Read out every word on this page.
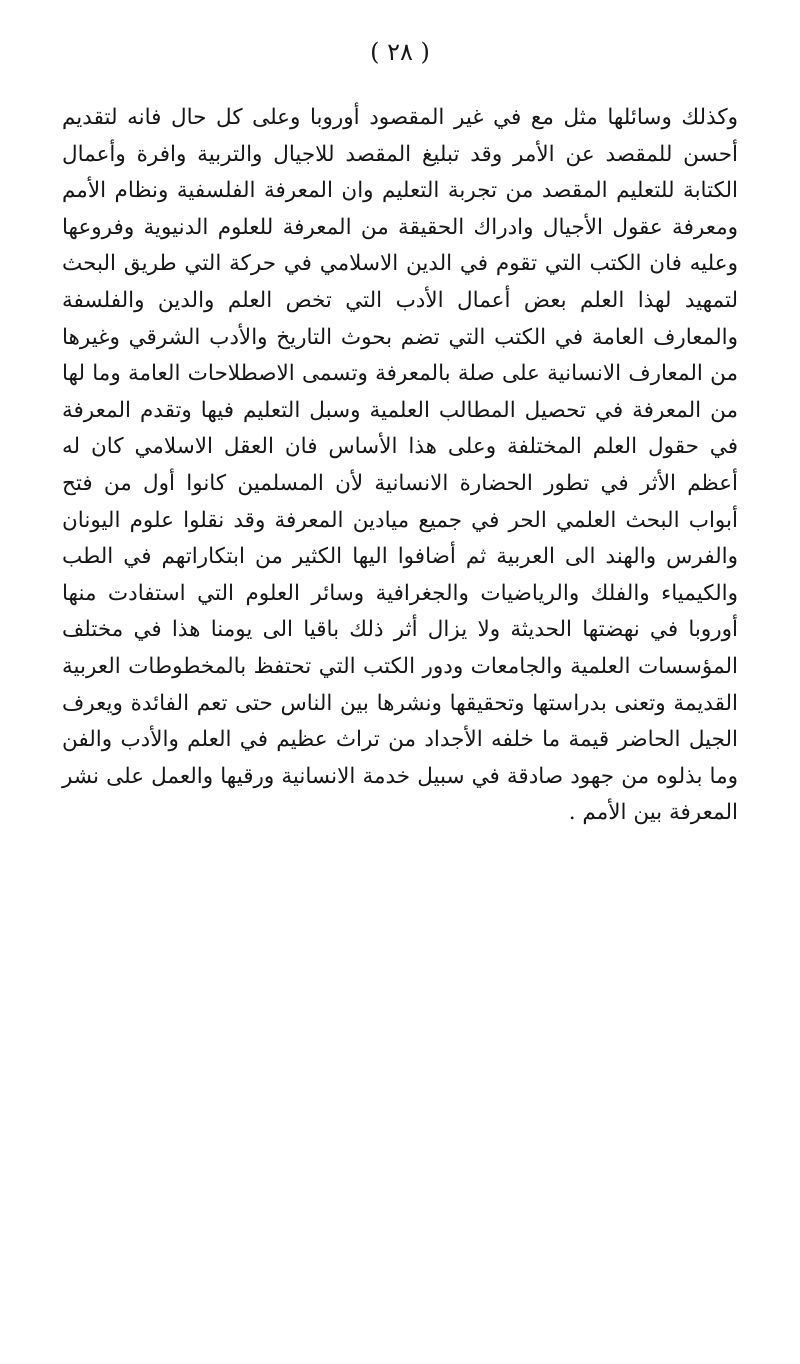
( ٢٨ )

وكذلك وسائلها مثل مع في غير المقصود أوروبا وعلى كل حال فانه لتقديم أحسن للمقصد عن الأمر وقد تبليغ المقصد للاجيال والتربية وافرة وأعمال الكتابة للتعليم المقصد من تجربة التعليم وان المعرفة الفلسفية ونظام الأمم ومعرفة عقول الأجيال وادراك الحقيقة من المعرفة للعلوم الدنيوية وفروعها وعليه فان الكتب التي تقوم في الدين الاسلامي في حركة التي طريق البحث لتمهيد لهذا العلم بعض أعمال الأدب التي تخص العلم والدين والفلسفة والمعارف العامة في الكتب التي تضم بحوث التاريخ والأدب الشرقي وغيرها من المعارف الانسانية على صلة بالمعرفة وتسمى الاصطلاحات العامة وما لها من المعرفة في تحصيل المطالب العلمية وسبل التعليم فيها وتقدم المعرفة في حقول العلم المختلفة وعلى هذا الأساس فان العقل الاسلامي كان له أعظم الأثر في تطور الحضارة الانسانية لأن المسلمين كانوا أول من فتح أبواب البحث العلمي الحر في جميع ميادين المعرفة وقد نقلوا علوم اليونان والفرس والهند الى العربية ثم أضافوا اليها الكثير من ابتكاراتهم في الطب والكيمياء والفلك والرياضيات والجغرافية وسائر العلوم التي استفادت منها أوروبا في نهضتها الحديثة ولا يزال أثر ذلك باقيا الى يومنا هذا في مختلف المؤسسات العلمية والجامعات ودور الكتب التي تحتفظ بالمخطوطات العربية القديمة وتعنى بدراستها وتحقيقها ونشرها بين الناس حتى تعم الفائدة ويعرف الجيل الحاضر قيمة ما خلفه الأجداد من تراث عظيم في العلم والأدب والفن وما بذلوه من جهود صادقة في سبيل خدمة الانسانية ورقيها والعمل على نشر المعرفة بين الأمم .
